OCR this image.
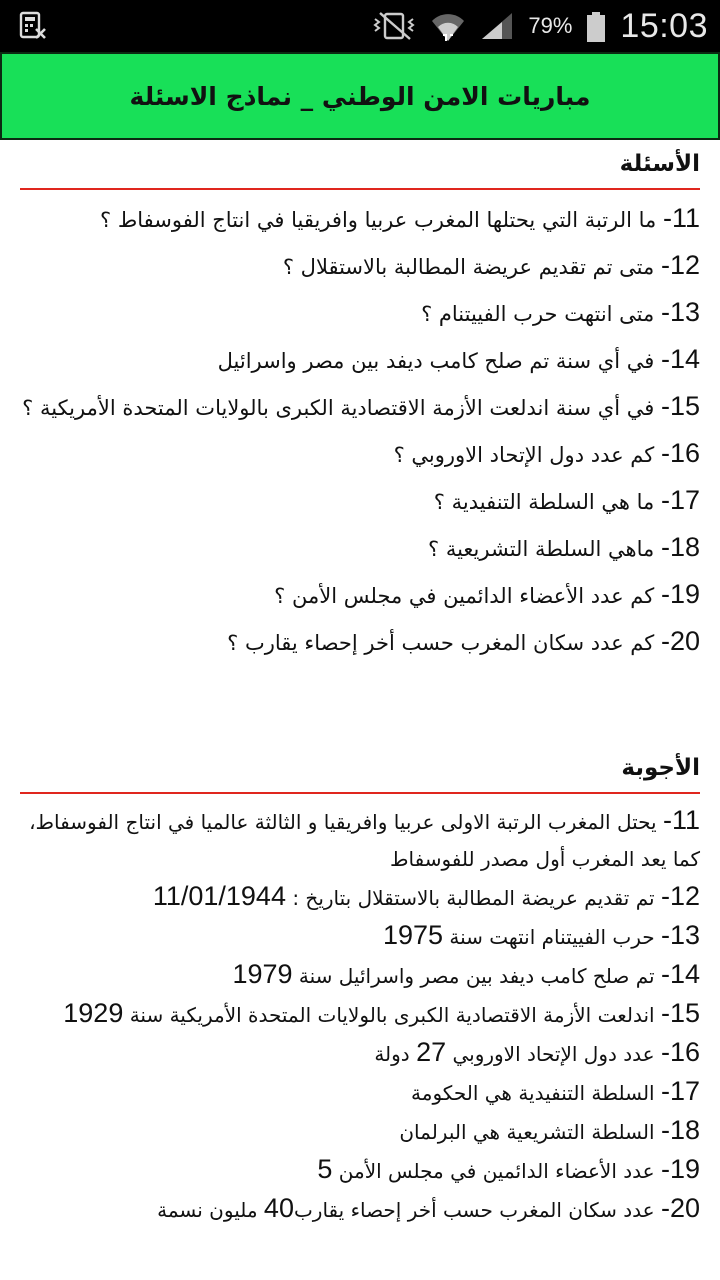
79% 15:03
مباريات الامن الوطني _ نماذج الاسئلة
الأسئلة
11- ما الرتبة التي يحتلها المغرب عربيا وافريقيا في انتاج الفوسفاط ؟
12- متى تم تقديم عريضة المطالبة بالاستقلال ؟
13- متى انتهت حرب الفييتنام ؟
14- في أي سنة تم صلح كامب ديفد بين مصر واسرائيل
15- في أي سنة اندلعت الأزمة الاقتصادية الكبرى بالولايات المتحدة الأمريكية ؟
16- كم عدد دول الإتحاد الاوروبي ؟
17- ما هي السلطة التنفيدية ؟
18- ماهي السلطة التشريعية ؟
19- كم عدد الأعضاء الدائمين في مجلس الأمن ؟
20- كم عدد سكان المغرب حسب أخر إحصاء يقارب ؟
الأجوبة
11- يحتل المغرب الرتبة الاولى عربيا وافريقيا و الثالثة عالميا في انتاج الفوسفاط، كما يعد المغرب أول مصدر للفوسفاط
12- تم تقديم عريضة المطالبة بالاستقلال بتاريخ : 11/01/1944
13- حرب الفييتنام انتهت سنة 1975
14- تم صلح كامب ديفد بين مصر واسرائيل سنة 1979
15- اندلعت الأزمة الاقتصادية الكبرى بالولايات المتحدة الأمريكية سنة 1929
16- عدد دول الإتحاد الاوروبي 27 دولة
17- السلطة التنفيدية هي الحكومة
18- السلطة التشريعية هي البرلمان
19- عدد الأعضاء الدائمين في مجلس الأمن 5
20- عدد سكان المغرب حسب أخر إحصاء يقارب40 مليون نسمة
